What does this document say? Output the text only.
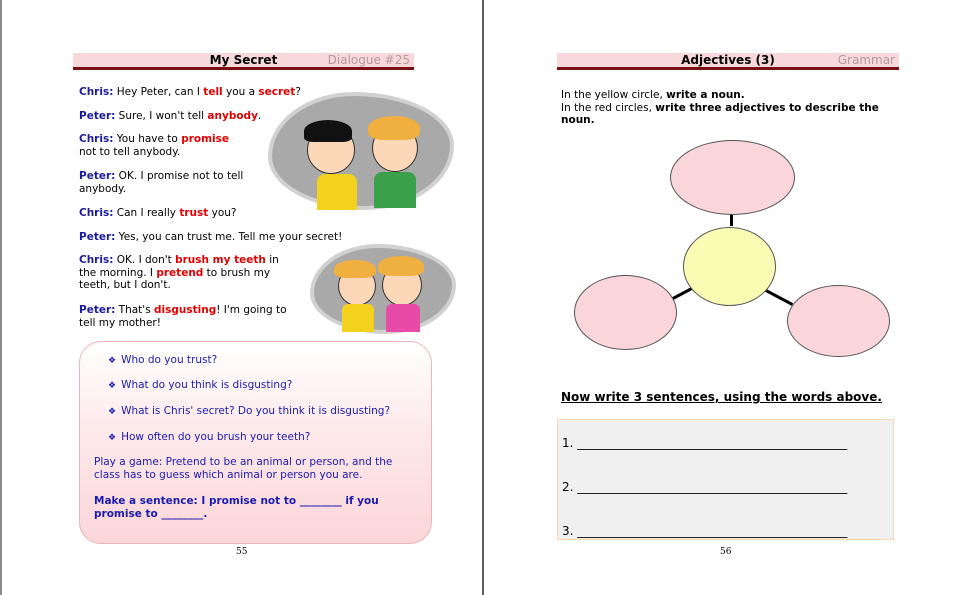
My Secret	Dialogue #25

Chris: Hey Peter, can I tell you a secret?

Peter: Sure, I won't tell anybody.

Chris: You have to promise not to tell anybody.

Peter: OK. I promise not to tell anybody.

Chris: Can I really trust you?

Peter: Yes, you can trust me. Tell me your secret!

Chris: OK. I don't brush my teeth in the morning. I pretend to brush my teeth, but I don't.

Peter: That's disgusting! I'm going to tell my mother!

❖ Who do you trust?
❖ What do you think is disgusting?
❖ What is Chris' secret? Do you think it is disgusting?
❖ How often do you brush your teeth?
Play a game: Pretend to be an animal or person, and the class has to guess which animal or person you are.
Make a sentence: I promise not to ________ if you promise to ________.
55
Adjectives (3)	Grammar
In the yellow circle, write a noun.
In the red circles, write three adjectives to describe the noun.
Now write 3 sentences, using the words above.
1. _____________________________________________
2. _____________________________________________
3. _____________________________________________
56
